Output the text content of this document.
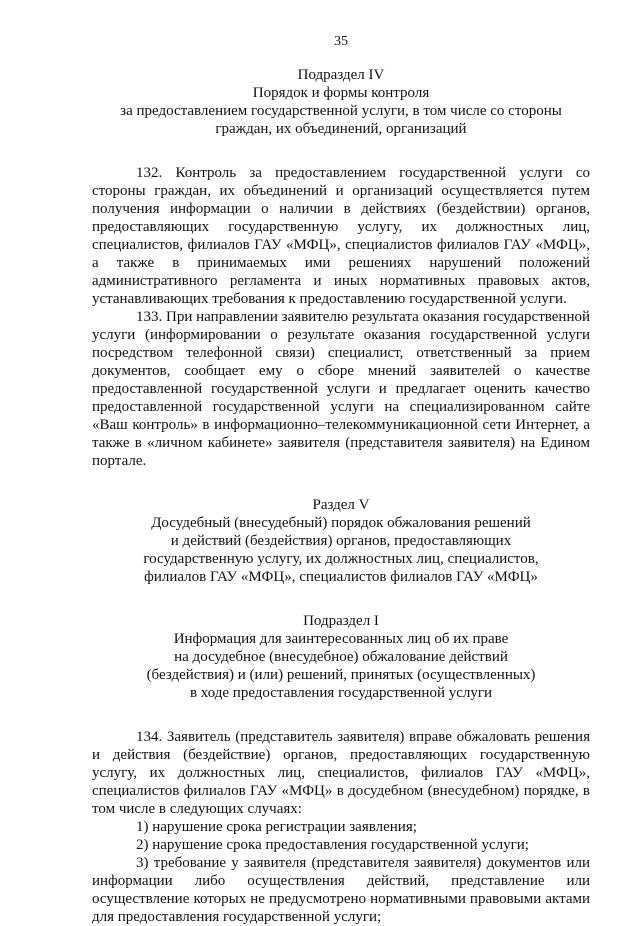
35
Подраздел IV
Порядок и формы контроля
за предоставлением государственной услуги, в том числе со стороны
граждан, их объединений, организаций

132. Контроль за предоставлением государственной услуги со стороны граждан, их объединений и организаций осуществляется путем получения информации о наличии в действиях (бездействии) органов, предоставляющих государственную услугу, их должностных лиц, специалистов, филиалов ГАУ «МФЦ», специалистов филиалов ГАУ «МФЦ», а также в принимаемых ими решениях нарушений положений административного регламента и иных нормативных правовых актов, устанавливающих требования к предоставлению государственной услуги.

133. При направлении заявителю результата оказания государственной услуги (информировании о результате оказания государственной услуги посредством телефонной связи) специалист, ответственный за прием документов, сообщает ему о сборе мнений заявителей о качестве предоставленной государственной услуги и предлагает оценить качество предоставленной государственной услуги на специализированном сайте «Ваш контроль» в информационно–телекоммуникационной сети Интернет, а также в «личном кабинете» заявителя (представителя заявителя) на Едином портале.

Раздел V
Досудебный (внесудебный) порядок обжалования решений
и действий (бездействия) органов, предоставляющих
государственную услугу, их должностных лиц, специалистов,
филиалов ГАУ «МФЦ», специалистов филиалов ГАУ «МФЦ»
Подраздел I
Информация для заинтересованных лиц об их праве
на досудебное (внесудебное) обжалование действий
(бездействия) и (или) решений, принятых (осуществленных)
в ходе предоставления государственной услуги

134. Заявитель (представитель заявителя) вправе обжаловать решения и действия (бездействие) органов, предоставляющих государственную услугу, их должностных лиц, специалистов, филиалов ГАУ «МФЦ», специалистов филиалов ГАУ «МФЦ» в досудебном (внесудебном) порядке, в том числе в следующих случаях:

1) нарушение срока регистрации заявления;

2) нарушение срока предоставления государственной услуги;

3) требование у заявителя (представителя заявителя) документов или информации либо осуществления действий, представление или осуществление которых не предусмотрено нормативными правовыми актами для предоставления государственной услуги;
